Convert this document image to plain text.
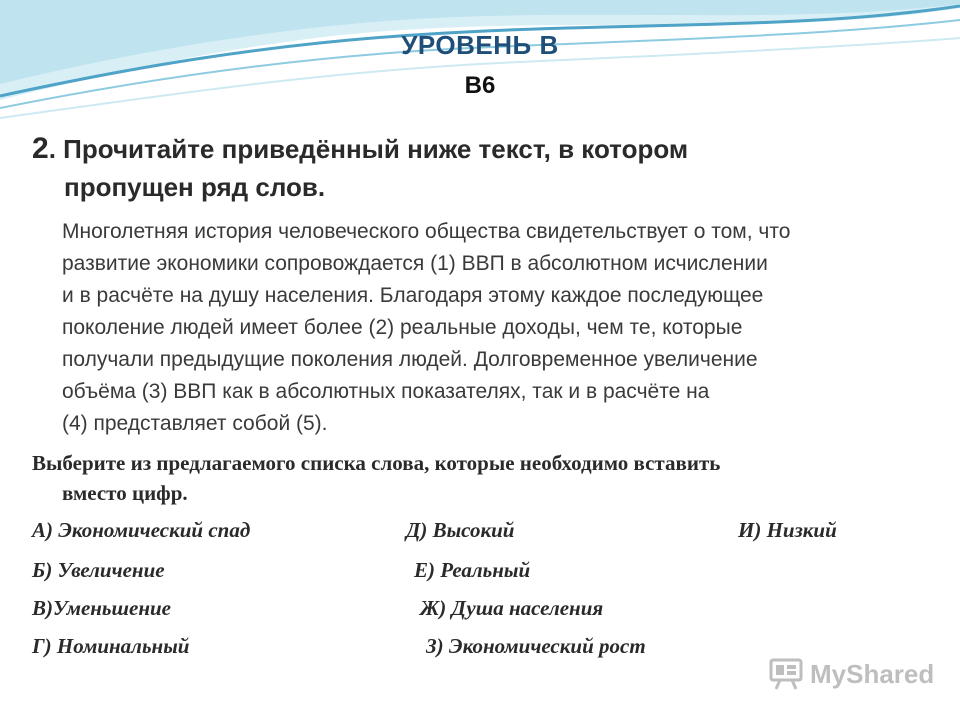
УРОВЕНЬ В
В6
2. Прочитайте приведённый ниже текст, в котором
пропущен ряд слов.
Многолетняя история человеческого общества свидетельствует о том, что
развитие экономики сопровождается (1) ВВП в абсолютном исчислении
и в расчёте на душу населения. Благодаря этому каждое последующее
поколение людей имеет более (2) реальные доходы, чем те, которые
получали предыдущие поколения людей. Долговременное увеличение
объёма (3) ВВП как в абсолютных показателях, так и в расчёте на
(4) представляет собой (5).
Выберите из предлагаемого списка слова, которые необходимо вставить
вместо цифр.
А) Экономический спад
Б) Увеличение
В)Уменьшение
Г) Номинальный
Д) Высокий
Е) Реальный
Ж) Душа населения
З) Экономический рост
И) Низкий
MyShared
